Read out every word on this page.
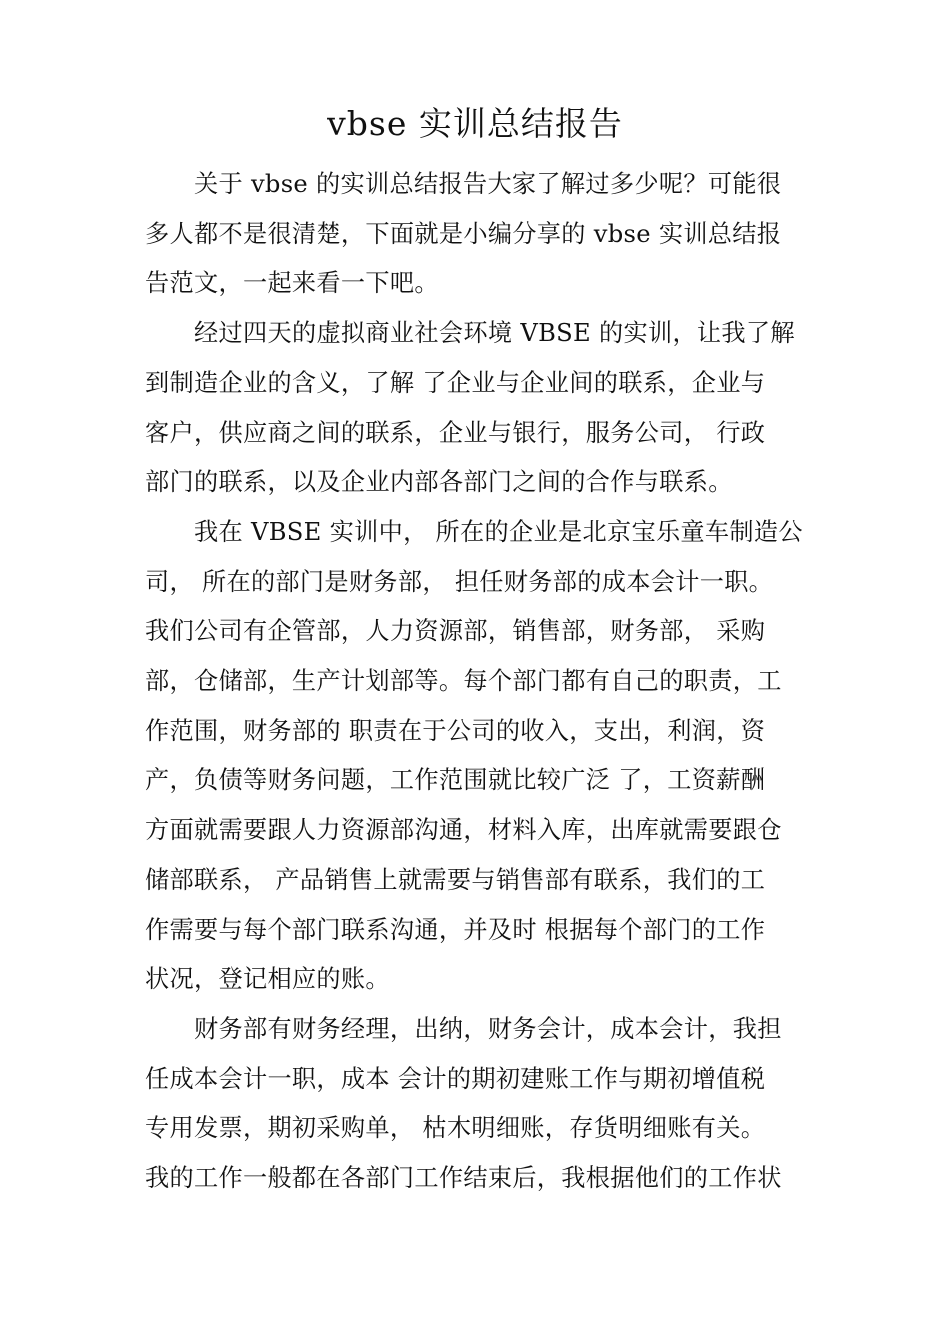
vbse 实训总结报告
关于 vbse 的实训总结报告大家了解过多少呢？可能很
多人都不是很清楚，下面就是小编分享的 vbse 实训总结报
告范文，一起来看一下吧。
经过四天的虚拟商业社会环境 VBSE 的实训，让我了解
到制造企业的含义，了解 了企业与企业间的联系，企业与
客户，供应商之间的联系，企业与银行，服务公司， 行政
部门的联系，以及企业内部各部门之间的合作与联系。
我在 VBSE 实训中， 所在的企业是北京宝乐童车制造公
司， 所在的部门是财务部， 担任财务部的成本会计一职。
我们公司有企管部，人力资源部，销售部，财务部， 采购
部，仓储部，生产计划部等。每个部门都有自己的职责，工
作范围，财务部的 职责在于公司的收入，支出，利润，资
产，负债等财务问题，工作范围就比较广泛 了，工资薪酬
方面就需要跟人力资源部沟通，材料入库，出库就需要跟仓
储部联系， 产品销售上就需要与销售部有联系，我们的工
作需要与每个部门联系沟通，并及时 根据每个部门的工作
状况，登记相应的账。
财务部有财务经理，出纳，财务会计，成本会计，我担
任成本会计一职，成本 会计的期初建账工作与期初增值税
专用发票，期初采购单， 枯木明细账，存货明细账有关。
我的工作一般都在各部门工作结束后，我根据他们的工作状
